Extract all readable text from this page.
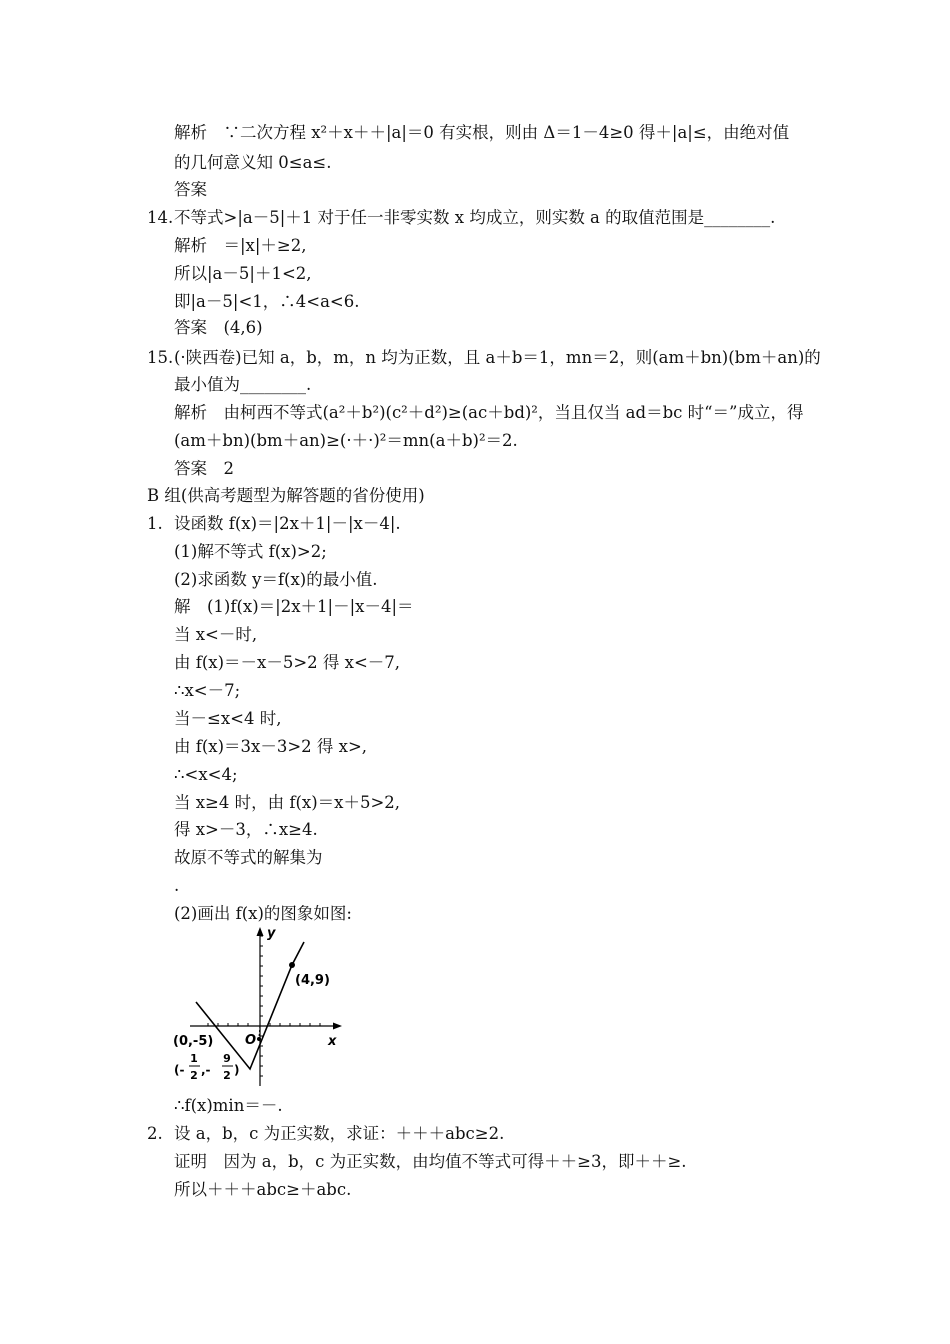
解析　∵二次方程 x²＋x＋＋|a|＝0 有实根，则由 Δ＝1－4≥0 得＋|a|≤，由绝对值
的几何意义知 0≤a≤.
答案
14. 不等式>|a－5|＋1 对于任一非零实数 x 均成立，则实数 a 的取值范围是________.
解析　＝|x|＋≥2,
所以|a－5|＋1<2,
即|a－5|<1，∴4<a<6.
答案　(4,6)
15. (·陕西卷)已知 a，b，m，n 均为正数，且 a＋b＝1，mn＝2，则(am＋bn)(bm＋an)的
最小值为________.
解析　由柯西不等式(a²＋b²)(c²＋d²)≥(ac＋bd)²，当且仅当 ad＝bc 时“＝”成立，得
(am＋bn)(bm＋an)≥(·＋·)²＝mn(a＋b)²＝2.
答案　2
B 组(供高考题型为解答题的省份使用)
1. 设函数 f(x)＝|2x＋1|－|x－4|.
(1)解不等式 f(x)>2;
(2)求函数 y＝f(x)的最小值.
解　(1)f(x)＝|2x＋1|－|x－4|＝
当 x<－时,
由 f(x)＝－x－5>2 得 x<－7,
∴x<－7;
当－≤x<4 时,
由 f(x)＝3x－3>2 得 x>,
∴<x<4;
当 x≥4 时，由 f(x)＝x＋5>2,
得 x>－3，∴x≥4.
故原不等式的解集为
.
(2)画出 f(x)的图象如图:
y
x
O
(4,9)
(0,-5)
(-
1
2 ,-
9
2 )
∴f(x)min＝－.
2. 设 a，b，c 为正实数，求证：＋＋＋abc≥2.
证明　因为 a，b，c 为正实数，由均值不等式可得＋＋≥3，即＋＋≥.
所以＋＋＋abc≥＋abc.
